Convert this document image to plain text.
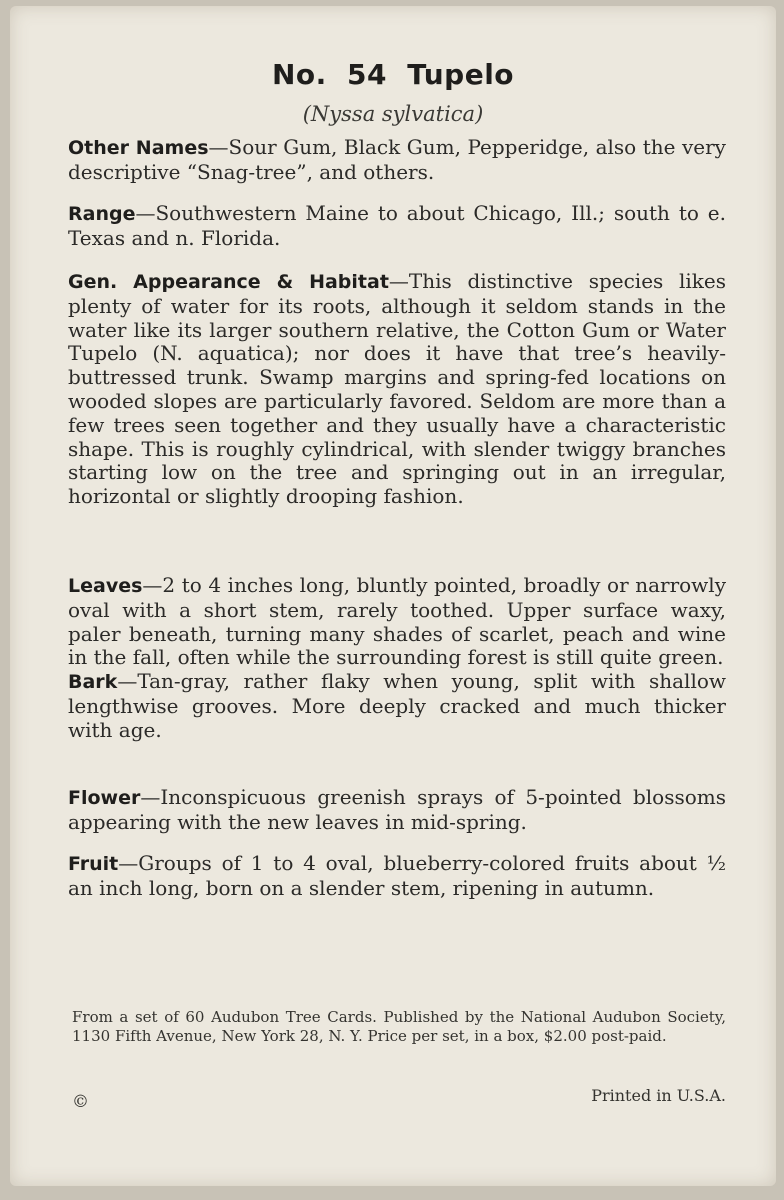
No. 54 Tupelo
(Nyssa sylvatica)
Other Names—Sour Gum, Black Gum, Pepperidge, also the very descriptive “Snag-tree”, and others.
Range—Southwestern Maine to about Chicago, Ill.; south to e. Texas and n. Florida.
Gen. Appearance & Habitat—This distinctive species likes plenty of water for its roots, although it seldom stands in the water like its larger southern relative, the Cotton Gum or Water Tupelo (N. aquatica); nor does it have that tree’s heavily-buttressed trunk. Swamp margins and spring-fed locations on wooded slopes are particularly favored. Seldom are more than a few trees seen together and they usually have a characteristic shape. This is roughly cylindrical, with slender twiggy branches starting low on the tree and springing out in an irregular, horizontal or slightly drooping fashion.
Leaves—2 to 4 inches long, bluntly pointed, broadly or narrowly oval with a short stem, rarely toothed. Upper surface waxy, paler beneath, turning many shades of scarlet, peach and wine in the fall, often while the surrounding forest is still quite green.
Bark—Tan-gray, rather flaky when young, split with shallow lengthwise grooves. More deeply cracked and much thicker with age.
Flower—Inconspicuous greenish sprays of 5-pointed blossoms appearing with the new leaves in mid-spring.
Fruit—Groups of 1 to 4 oval, blueberry-colored fruits about ½ an inch long, born on a slender stem, ripening in autumn.
From a set of 60 Audubon Tree Cards. Published by the National Audubon Society, 1130 Fifth Avenue, New York 28, N. Y. Price per set, in a box, $2.00 post-paid.
©	Printed in U.S.A.
